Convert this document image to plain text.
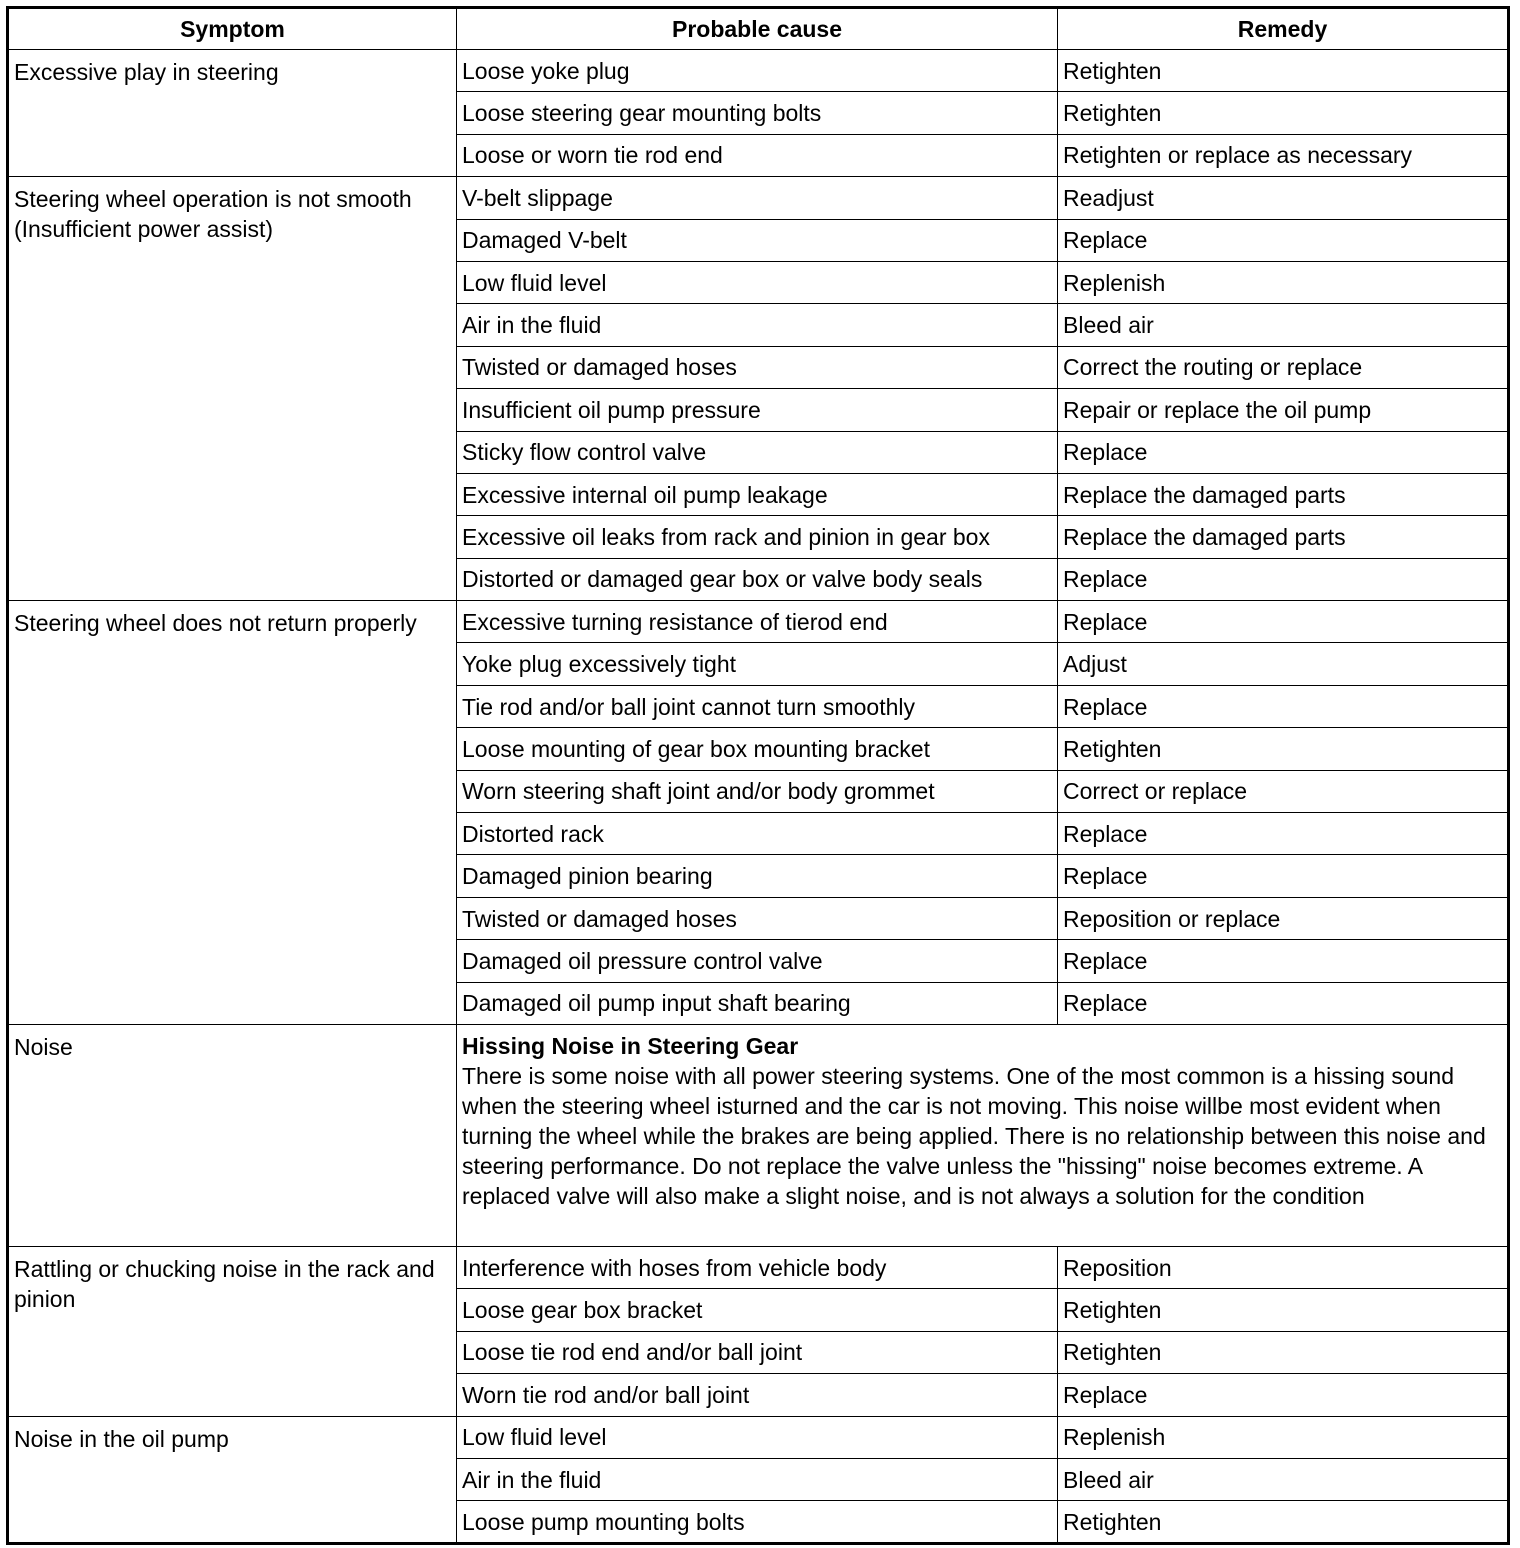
Symptom	Probable cause	Remedy
Excessive play in steering	Loose yoke plug	Retighten
	Loose steering gear mounting bolts	Retighten
	Loose or worn tie rod end	Retighten or replace as necessary
Steering wheel operation is not smooth (Insufficient power assist)	V-belt slippage	Readjust
	Damaged V-belt	Replace
	Low fluid level	Replenish
	Air in the fluid	Bleed air
	Twisted or damaged hoses	Correct the routing or replace
	Insufficient oil pump pressure	Repair or replace the oil pump
	Sticky flow control valve	Replace
	Excessive internal oil pump leakage	Replace the damaged parts
	Excessive oil leaks from rack and pinion in gear box	Replace the damaged parts
	Distorted or damaged gear box or valve body seals	Replace
Steering wheel does not return properly	Excessive turning resistance of tierod end	Replace
	Yoke plug excessively tight	Adjust
	Tie rod and/or ball joint cannot turn smoothly	Replace
	Loose mounting of gear box mounting bracket	Retighten
	Worn steering shaft joint and/or body grommet	Correct or replace
	Distorted rack	Replace
	Damaged pinion bearing	Replace
	Twisted or damaged hoses	Reposition or replace
	Damaged oil pressure control valve	Replace
	Damaged oil pump input shaft bearing	Replace
Noise	Hissing Noise in Steering Gear
There is some noise with all power steering systems. One of the most common is a hissing sound when the steering wheel isturned and the car is not moving. This noise willbe most evident when turning the wheel while the brakes are being applied. There is no relationship between this noise and steering performance. Do not replace the valve unless the "hissing" noise becomes extreme. A replaced valve will also make a slight noise, and is not always a solution for the condition	

Rattling or chucking noise in the rack and pinion	Interference with hoses from vehicle body	Reposition
	Loose gear box bracket	Retighten
	Loose tie rod end and/or ball joint	Retighten
	Worn tie rod and/or ball joint	Replace
Noise in the oil pump	Low fluid level	Replenish
	Air in the fluid	Bleed air
	Loose pump mounting bolts	Retighten
